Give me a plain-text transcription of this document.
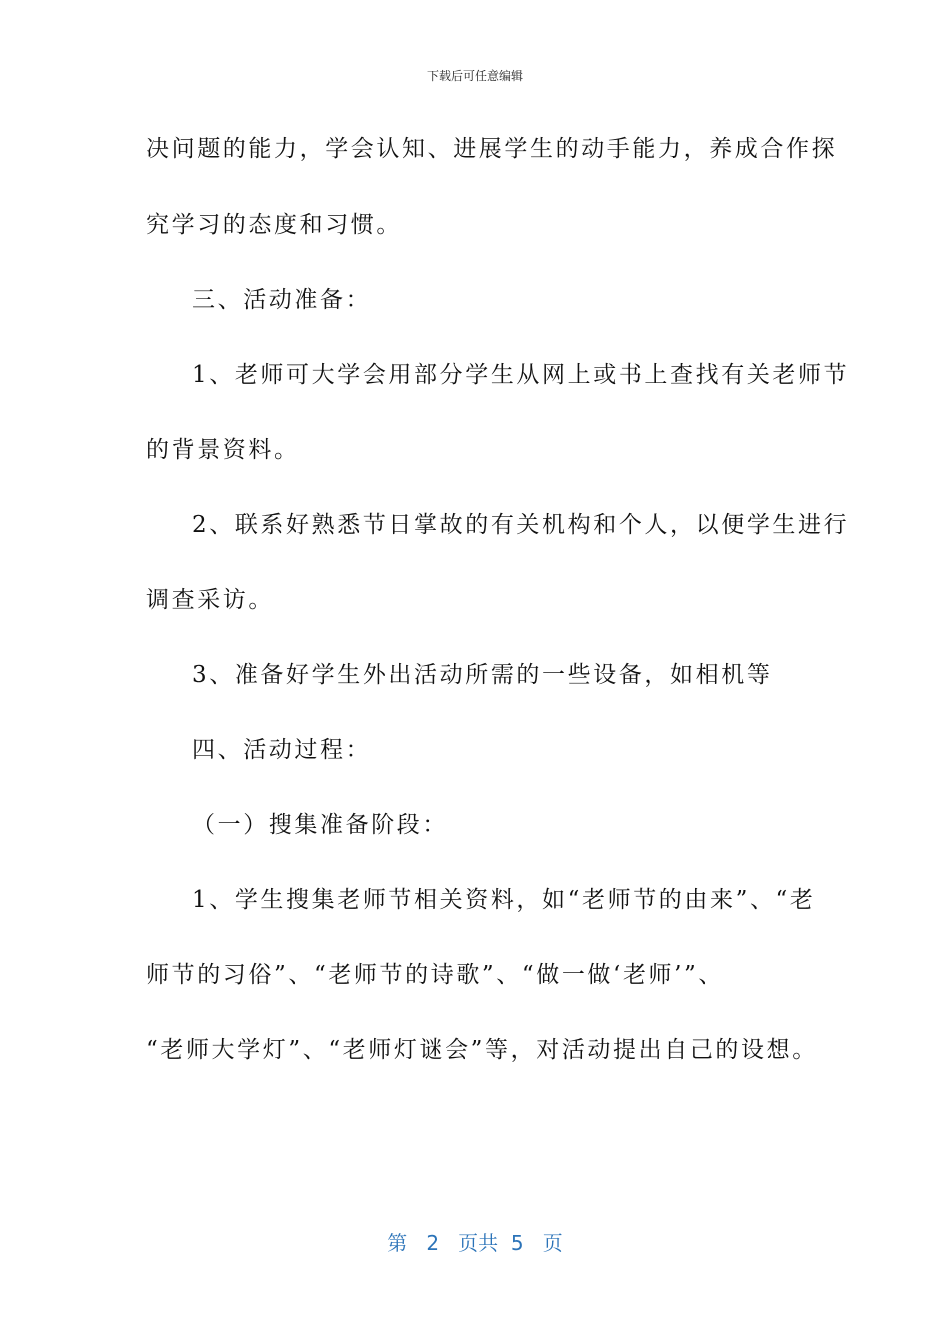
下载后可任意编辑
决问题的能力，学会认知、进展学生的动手能力，养成合作探
究学习的态度和习惯。
三、活动准备：
1、老师可大学会用部分学生从网上或书上查找有关老师节
的背景资料。
2、联系好熟悉节日掌故的有关机构和个人，以便学生进行
调查采访。
3、准备好学生外出活动所需的一些设备，如相机等
四、活动过程：
（一）搜集准备阶段：
1、学生搜集老师节相关资料，如“老师节的由来”、“老
师节的习俗”、“老师节的诗歌”、“做一做‘老师’”、
“老师大学灯”、“老师灯谜会”等，对活动提出自己的设想。
第 2 页共 5 页
